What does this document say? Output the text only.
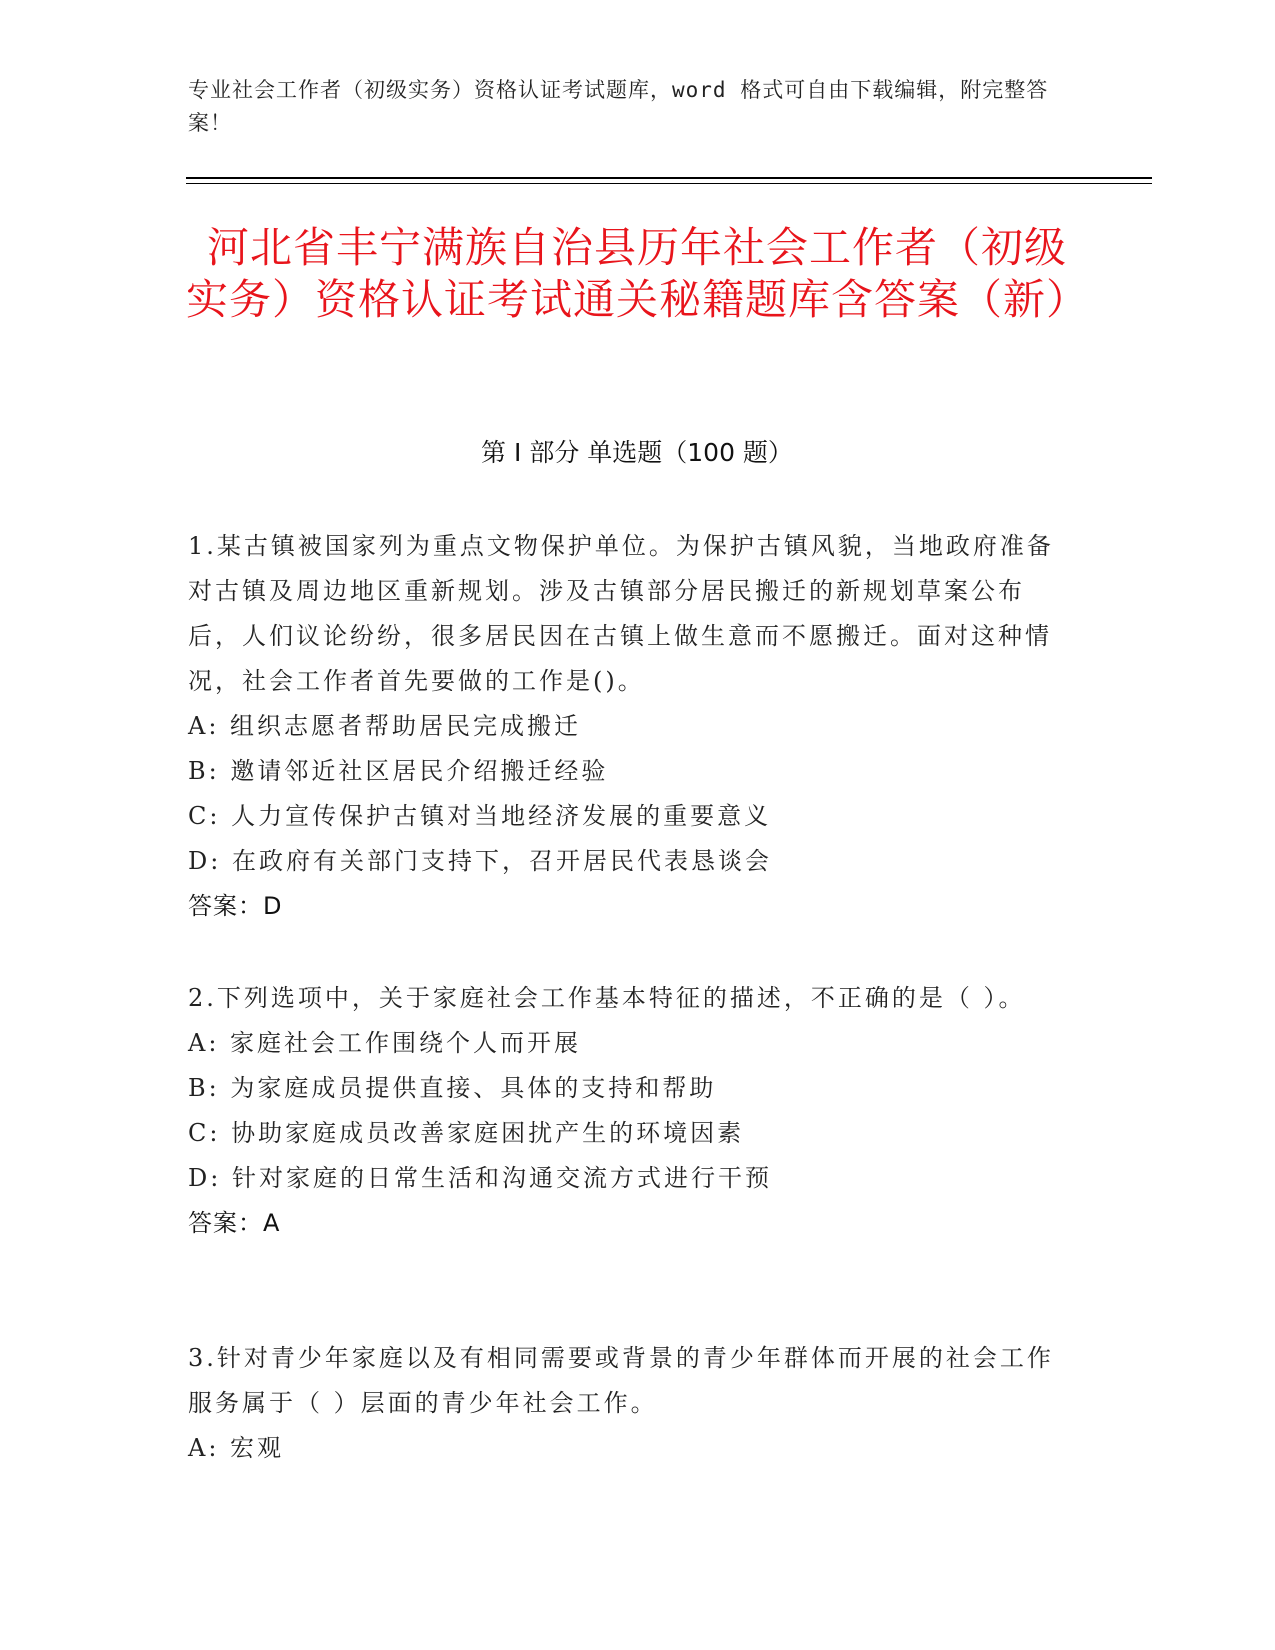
专业社会工作者（初级实务）资格认证考试题库，word 格式可自由下载编辑，附完整答案！
河北省丰宁满族自治县历年社会工作者（初级实务）资格认证考试通关秘籍题库含答案（新）
第 I 部分 单选题（100 题）
1.某古镇被国家列为重点文物保护单位。为保护古镇风貌，当地政府准备对古镇及周边地区重新规划。涉及古镇部分居民搬迁的新规划草案公布后，人们议论纷纷，很多居民因在古镇上做生意而不愿搬迁。面对这种情况，社会工作者首先要做的工作是()。
A: 组织志愿者帮助居民完成搬迁
B: 邀请邻近社区居民介绍搬迁经验
C: 人力宣传保护古镇对当地经济发展的重要意义
D: 在政府有关部门支持下，召开居民代表恳谈会
答案：D
2.下列选项中，关于家庭社会工作基本特征的描述，不正确的是（ ）。
A: 家庭社会工作围绕个人而开展
B: 为家庭成员提供直接、具体的支持和帮助
C: 协助家庭成员改善家庭困扰产生的环境因素
D: 针对家庭的日常生活和沟通交流方式进行干预
答案：A
3.针对青少年家庭以及有相同需要或背景的青少年群体而开展的社会工作服务属于（ ）层面的青少年社会工作。
A: 宏观
